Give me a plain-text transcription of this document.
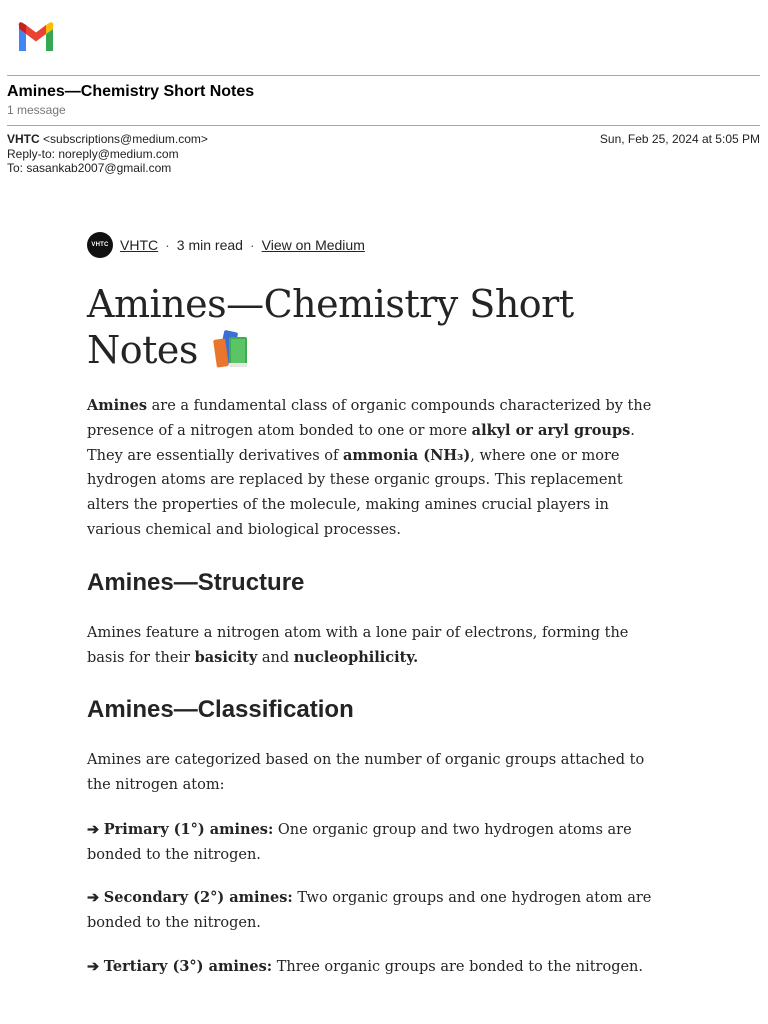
Amines—Chemistry Short Notes
1 message
VHTC <subscriptions@medium.com>
Reply-to: noreply@medium.com
To: sasankab2007@gmail.com
Sun, Feb 25, 2024 at 5:05 PM
VHTC VHTC · 3 min read · View on Medium
Amines—Chemistry Short Notes

Amines are a fundamental class of organic compounds characterized by the presence of a nitrogen atom bonded to one or more alkyl or aryl groups. They are essentially derivatives of ammonia (NH₃), where one or more hydrogen atoms are replaced by these organic groups. This replacement alters the properties of the molecule, making amines crucial players in various chemical and biological processes.

Amines—Structure
Amines feature a nitrogen atom with a lone pair of electrons, forming the basis for their basicity and nucleophilicity.
Amines—Classification
Amines are categorized based on the number of organic groups attached to the nitrogen atom:
➔ Primary (1°) amines: One organic group and two hydrogen atoms are bonded to the nitrogen.
➔ Secondary (2°) amines: Two organic groups and one hydrogen atom are bonded to the nitrogen.
➔ Tertiary (3°) amines: Three organic groups are bonded to the nitrogen.
